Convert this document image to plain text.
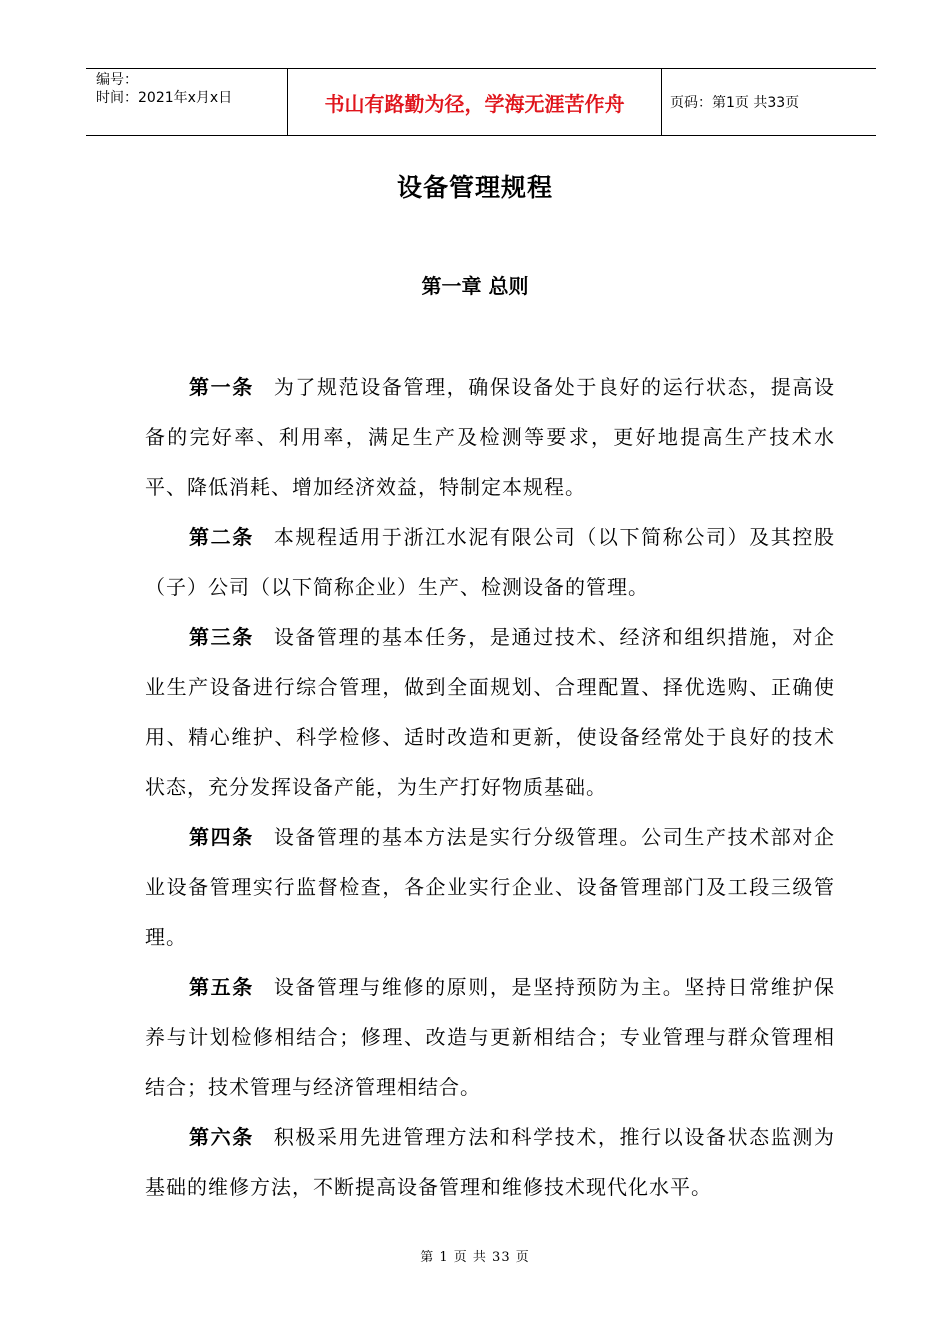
编号：
时间：2021年x月x日	书山有路勤为径，学海无涯苦作舟	页码：第1页 共33页
设备管理规程
第一章 总则

第一条 为了规范设备管理，确保设备处于良好的运行状态，提高设备的完好率、利用率，满足生产及检测等要求，更好地提高生产技术水平、降低消耗、增加经济效益，特制定本规程。

第二条 本规程适用于浙江水泥有限公司（以下简称公司）及其控股（子）公司（以下简称企业）生产、检测设备的管理。

第三条 设备管理的基本任务，是通过技术、经济和组织措施，对企业生产设备进行综合管理，做到全面规划、合理配置、择优选购、正确使用、精心维护、科学检修、适时改造和更新，使设备经常处于良好的技术状态，充分发挥设备产能，为生产打好物质基础。

第四条 设备管理的基本方法是实行分级管理。公司生产技术部对企业设备管理实行监督检查，各企业实行企业、设备管理部门及工段三级管理。

第五条 设备管理与维修的原则，是坚持预防为主。坚持日常维护保养与计划检修相结合；修理、改造与更新相结合；专业管理与群众管理相结合；技术管理与经济管理相结合。

第六条 积极采用先进管理方法和科学技术，推行以设备状态监测为基础的维修方法，不断提高设备管理和维修技术现代化水平。

第 1 页 共 33 页
